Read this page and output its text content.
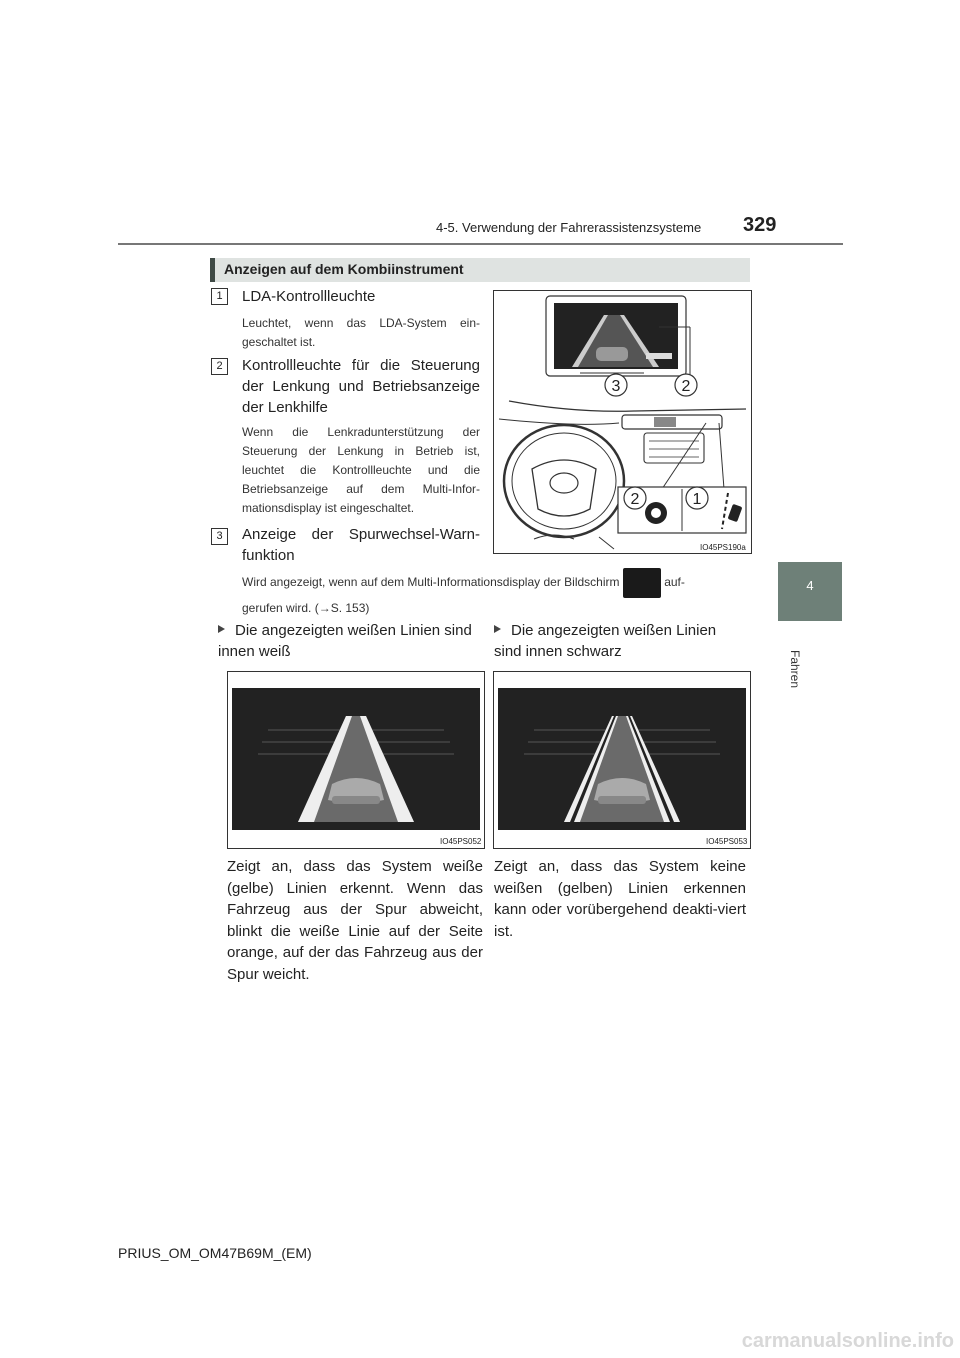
4-5. Verwendung der Fahrerassistenzsysteme 329
4
Fahren
Anzeigen auf dem Kombiinstrument
1	LDA-Kontrollleuchte
Leuchtet, wenn das LDA-System ein-geschaltet ist.
2	Kontrollleuchte für die Steuerung der Lenkung und Betriebsanzeige der Lenkhilfe
Wenn die Lenkradunterstützung der Steuerung der Lenkung in Betrieb ist, leuchtet die Kontrollleuchte und die Betriebsanzeige auf dem Multi-Infor-mationsdisplay ist eingeschaltet.
3	Anzeige der Spurwechsel-Warn-funktion
Wird angezeigt, wenn auf dem Multi-Informationsdisplay der Bildschirm	auf-
gerufen wird. (→S. 153)
3	2
2	1
IO45PS190a
Die angezeigten weißen Linien sind innen weiß
Die angezeigten weißen Linien sind innen schwarz
IO45PS052	IO45PS053
Zeigt an, dass das System weiße (gelbe) Linien erkennt. Wenn das Fahrzeug aus der Spur abweicht, blinkt die weiße Linie auf der Seite orange, auf der das Fahrzeug aus der Spur weicht.
Zeigt an, dass das System keine weißen (gelben) Linien erkennen kann oder vorübergehend deakti-viert ist.
PRIUS_OM_OM47B69M_(EM)
carmanualsonline.info
